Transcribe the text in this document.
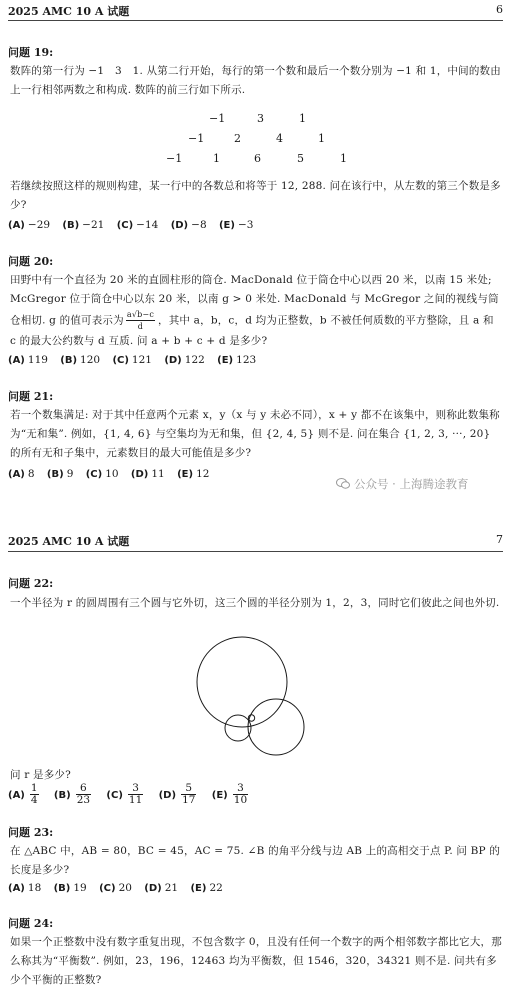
2025 AMC 10 A 试题	6
问题 19:
数阵的第一行为 −1　3　1. 从第二行开始，每行的第一个数和最后一个数分别为 −1 和 1，中间的数由上一行相邻两数之和构成. 数阵的前三行如下所示.
−1	3	1
−1	2	4	1
−1	1	6	5	1
若继续按照这样的规则构建，某一行中的各数总和将等于 12, 288. 问在该行中，从左数的第三个数是多少?
(A) −29 (B) −21 (C) −14 (D) −8 (E) −3
问题 20:
田野中有一个直径为 20 米的直圆柱形的筒仓. MacDonald 位于筒仓中心以西 20 米，以南 15 米处; McGregor 位于筒仓中心以东 20 米，以南 g > 0 米处. MacDonald 与 McGregor 之间的视线与筒仓相切. g 的值可表示为 $\frac{a√b-c}{d}$ ，其中 a，b，c，d 均为正整数，b 不被任何质数的平方整除，且 a 和 c 的最大公约数与 d 互质. 问 a + b + c + d 是多少?
(A) 119 (B) 120 (C) 121 (D) 122 (E) 123
问题 21:
若一个数集满足: 对于其中任意两个元素 x，y（x 与 y 未必不同），x + y 都不在该集中，则称此数集称为“无和集”. 例如，{1, 4, 6} 与空集均为无和集，但 {2, 4, 5} 则不是. 问在集合 {1, 2, 3, ···, 20} 的所有无和子集中，元素数目的最大可能值是多少?
(A) 8 (B) 9 (C) 10 (D) 11 (E) 12
公众号 · 上海腾途教育
2025 AMC 10 A 试题	7
问题 22:
一个半径为 r 的圆周围有三个圆与它外切，这三个圆的半径分别为 1，2，3，同时它们彼此之间也外切.
问 r 是多少?
$(A) \frac{1}{4} (B) \frac{6}{23} (C) \frac{3}{11} (D) \frac{5}{17} (E) \frac{3}{10}$
问题 23:
在 △ABC 中，AB = 80，BC = 45，AC = 75. ∠B 的角平分线与边 AB 上的高相交于点 P. 问 BP 的长度是多少?
(A) 18 (B) 19 (C) 20 (D) 21 (E) 22
问题 24:
如果一个正整数中没有数字重复出现，不包含数字 0，且没有任何一个数字的两个相邻数字都比它大，那么称其为“平衡数”. 例如，23，196，12463 均为平衡数，但 1546，320，34321 则不是. 问共有多少个平衡的正整数?
